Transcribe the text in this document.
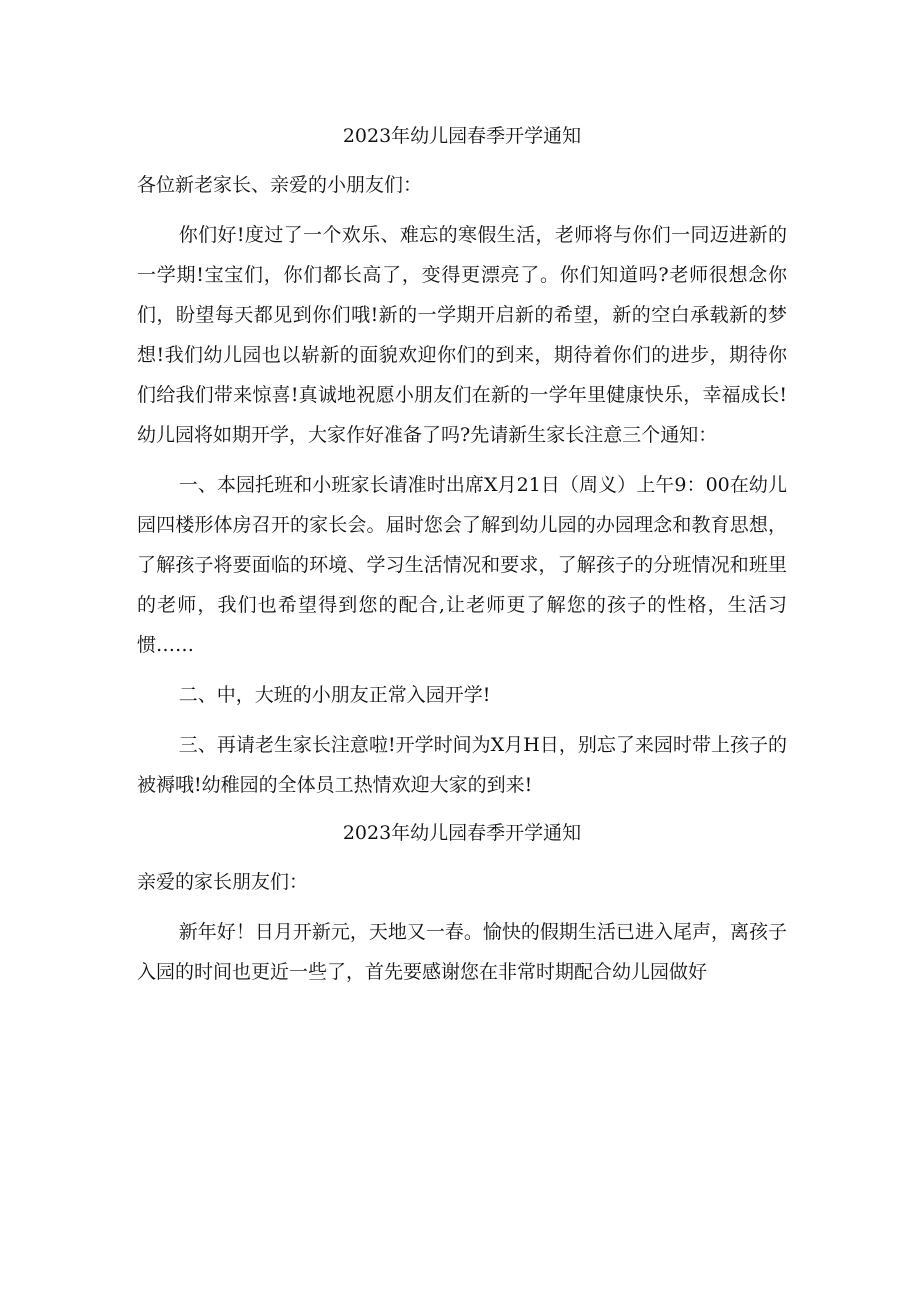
2023年幼儿园春季开学通知
各位新老家长、亲爱的小朋友们：

你们好!度过了一个欢乐、难忘的寒假生活，老师将与你们一同迈进新的一学期!宝宝们，你们都长高了，变得更漂亮了。你们知道吗?老师很想念你们，盼望每天都见到你们哦!新的一学期开启新的希望，新的空白承载新的梦想!我们幼儿园也以崭新的面貌欢迎你们的到来，期待着你们的进步，期待你们给我们带来惊喜!真诚地祝愿小朋友们在新的一学年里健康快乐，幸福成长!幼儿园将如期开学，大家作好准备了吗?先请新生家长注意三个通知：

一、本园托班和小班家长请准时出席X月21日（周义）上午9：00在幼儿园四楼形体房召开的家长会。届时您会了解到幼儿园的办园理念和教育思想，了解孩子将要面临的环境、学习生活情况和要求，了解孩子的分班情况和班里的老师，我们也希望得到您的配合,让老师更了解您的孩子的性格，生活习惯……

二、中，大班的小朋友正常入园开学!

三、再请老生家长注意啦!开学时间为X月H日，别忘了来园时带上孩子的被褥哦!幼稚园的全体员工热情欢迎大家的到来!

2023年幼儿园春季开学通知
亲爱的家长朋友们：

新年好！日月开新元，天地又一春。愉快的假期生活已进入尾声，离孩子入园的时间也更近一些了，首先要感谢您在非常时期配合幼儿园做好
